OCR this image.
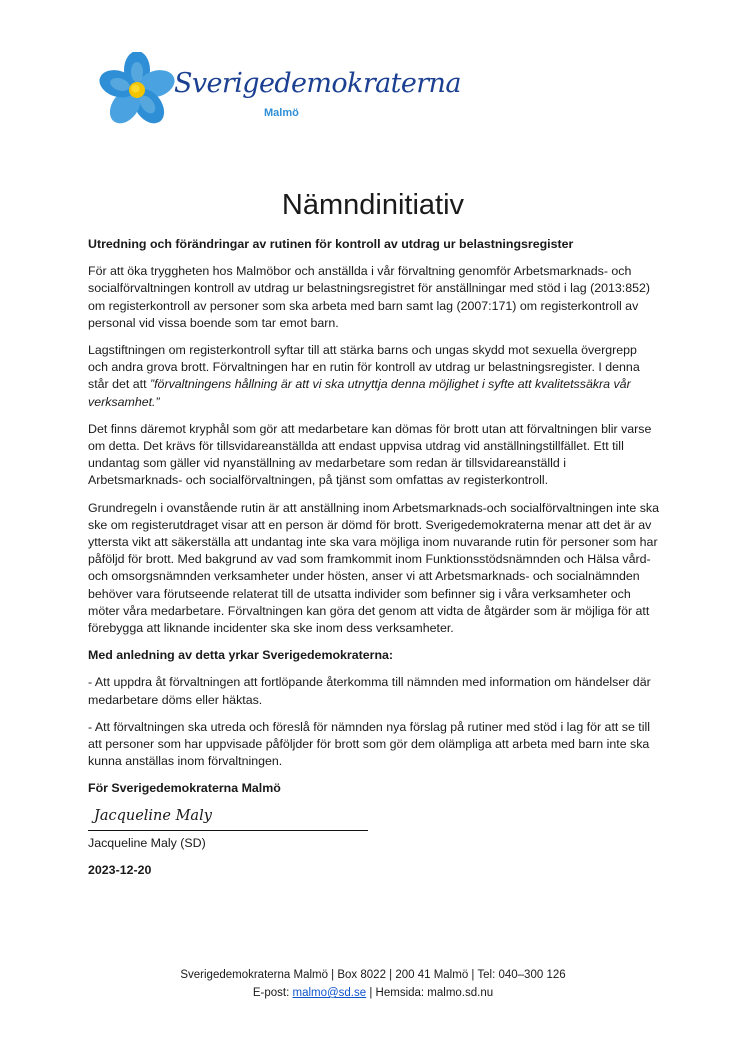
Sverigedemokraterna
Malmö
Nämndinitiativ

Utredning och förändringar av rutinen för kontroll av utdrag ur belastningsregister

För att öka tryggheten hos Malmöbor och anställda i vår förvaltning genomför Arbetsmarknads- och socialförvaltningen kontroll av utdrag ur belastningsregistret för anställningar med stöd i lag (2013:852) om registerkontroll av personer som ska arbeta med barn samt lag (2007:171) om registerkontroll av personal vid vissa boende som tar emot barn.

Lagstiftningen om registerkontroll syftar till att stärka barns och ungas skydd mot sexuella övergrepp och andra grova brott. Förvaltningen har en rutin för kontroll av utdrag ur belastningsregister. I denna står det att ”förvaltningens hållning är att vi ska utnyttja denna möjlighet i syfte att kvalitetssäkra vår verksamhet.”

Det finns däremot kryphål som gör att medarbetare kan dömas för brott utan att förvaltningen blir varse om detta. Det krävs för tillsvidareanställda att endast uppvisa utdrag vid anställningstillfället. Ett till undantag som gäller vid nyanställning av medarbetare som redan är tillsvidareanställd i Arbetsmarknads- och socialförvaltningen, på tjänst som omfattas av registerkontroll.

Grundregeln i ovanstående rutin är att anställning inom Arbetsmarknads-och socialförvaltningen inte ska ske om registerutdraget visar att en person är dömd för brott. Sverigedemokraterna menar att det är av yttersta vikt att säkerställa att undantag inte ska vara möjliga inom nuvarande rutin för personer som har påföljd för brott. Med bakgrund av vad som framkommit inom Funktionsstödsnämnden och Hälsa vård- och omsorgsnämnden verksamheter under hösten, anser vi att Arbetsmarknads- och socialnämnden behöver vara förutseende relaterat till de utsatta individer som befinner sig i våra verksamheter och möter våra medarbetare. Förvaltningen kan göra det genom att vidta de åtgärder som är möjliga för att förebygga att liknande incidenter ska ske inom dess verksamheter.

Med anledning av detta yrkar Sverigedemokraterna:

- Att uppdra åt förvaltningen att fortlöpande återkomma till nämnden med information om händelser där medarbetare döms eller häktas.

- Att förvaltningen ska utreda och föreslå för nämnden nya förslag på rutiner med stöd i lag för att se till att personer som har uppvisade påföljder för brott som gör dem olämpliga att arbeta med barn inte ska kunna anställas inom förvaltningen.

För Sverigedemokraterna Malmö

Jacqueline Maly

Jacqueline Maly (SD)

2023-12-20

Sverigedemokraterna Malmö | Box 8022 | 200 41 Malmö | Tel: 040–300 126
E-post: malmo@sd.se | Hemsida: malmo.sd.nu
